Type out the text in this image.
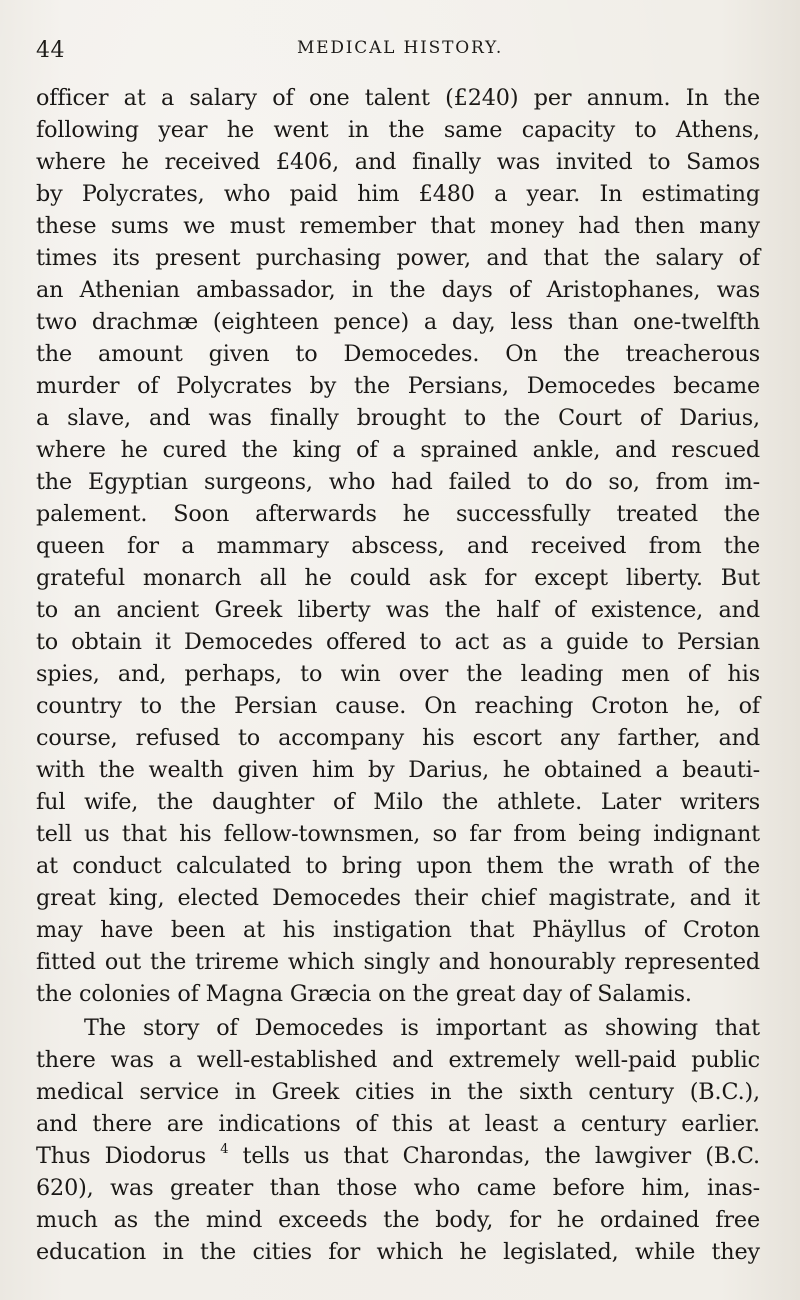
44	MEDICAL HISTORY.
officer at a salary of one talent (£240) per annum. In the
following year he went in the same capacity to Athens,
where he received £406, and finally was invited to Samos
by Polycrates, who paid him £480 a year. In estimating
these sums we must remember that money had then many
times its present purchasing power, and that the salary of
an Athenian ambassador, in the days of Aristophanes, was
two drachmæ (eighteen pence) a day, less than one-twelfth
the amount given to Democedes. On the treacherous
murder of Polycrates by the Persians, Democedes became
a slave, and was finally brought to the Court of Darius,
where he cured the king of a sprained ankle, and rescued
the Egyptian surgeons, who had failed to do so, from im-
palement. Soon afterwards he successfully treated the
queen for a mammary abscess, and received from the
grateful monarch all he could ask for except liberty. But
to an ancient Greek liberty was the half of existence, and
to obtain it Democedes offered to act as a guide to Persian
spies, and, perhaps, to win over the leading men of his
country to the Persian cause. On reaching Croton he, of
course, refused to accompany his escort any farther, and
with the wealth given him by Darius, he obtained a beauti-
ful wife, the daughter of Milo the athlete. Later writers
tell us that his fellow-townsmen, so far from being indignant
at conduct calculated to bring upon them the wrath of the
great king, elected Democedes their chief magistrate, and it
may have been at his instigation that Phäyllus of Croton
fitted out the trireme which singly and honourably represented
the colonies of Magna Græcia on the great day of Salamis.
The story of Democedes is important as showing that
there was a well-established and extremely well-paid public
medical service in Greek cities in the sixth century (B.C.),
and there are indications of this at least a century earlier.
Thus Diodorus $^4$ tells us that Charondas, the lawgiver (B.C.
620), was greater than those who came before him, inas-
much as the mind exceeds the body, for he ordained free
education in the cities for which he legislated, while they
